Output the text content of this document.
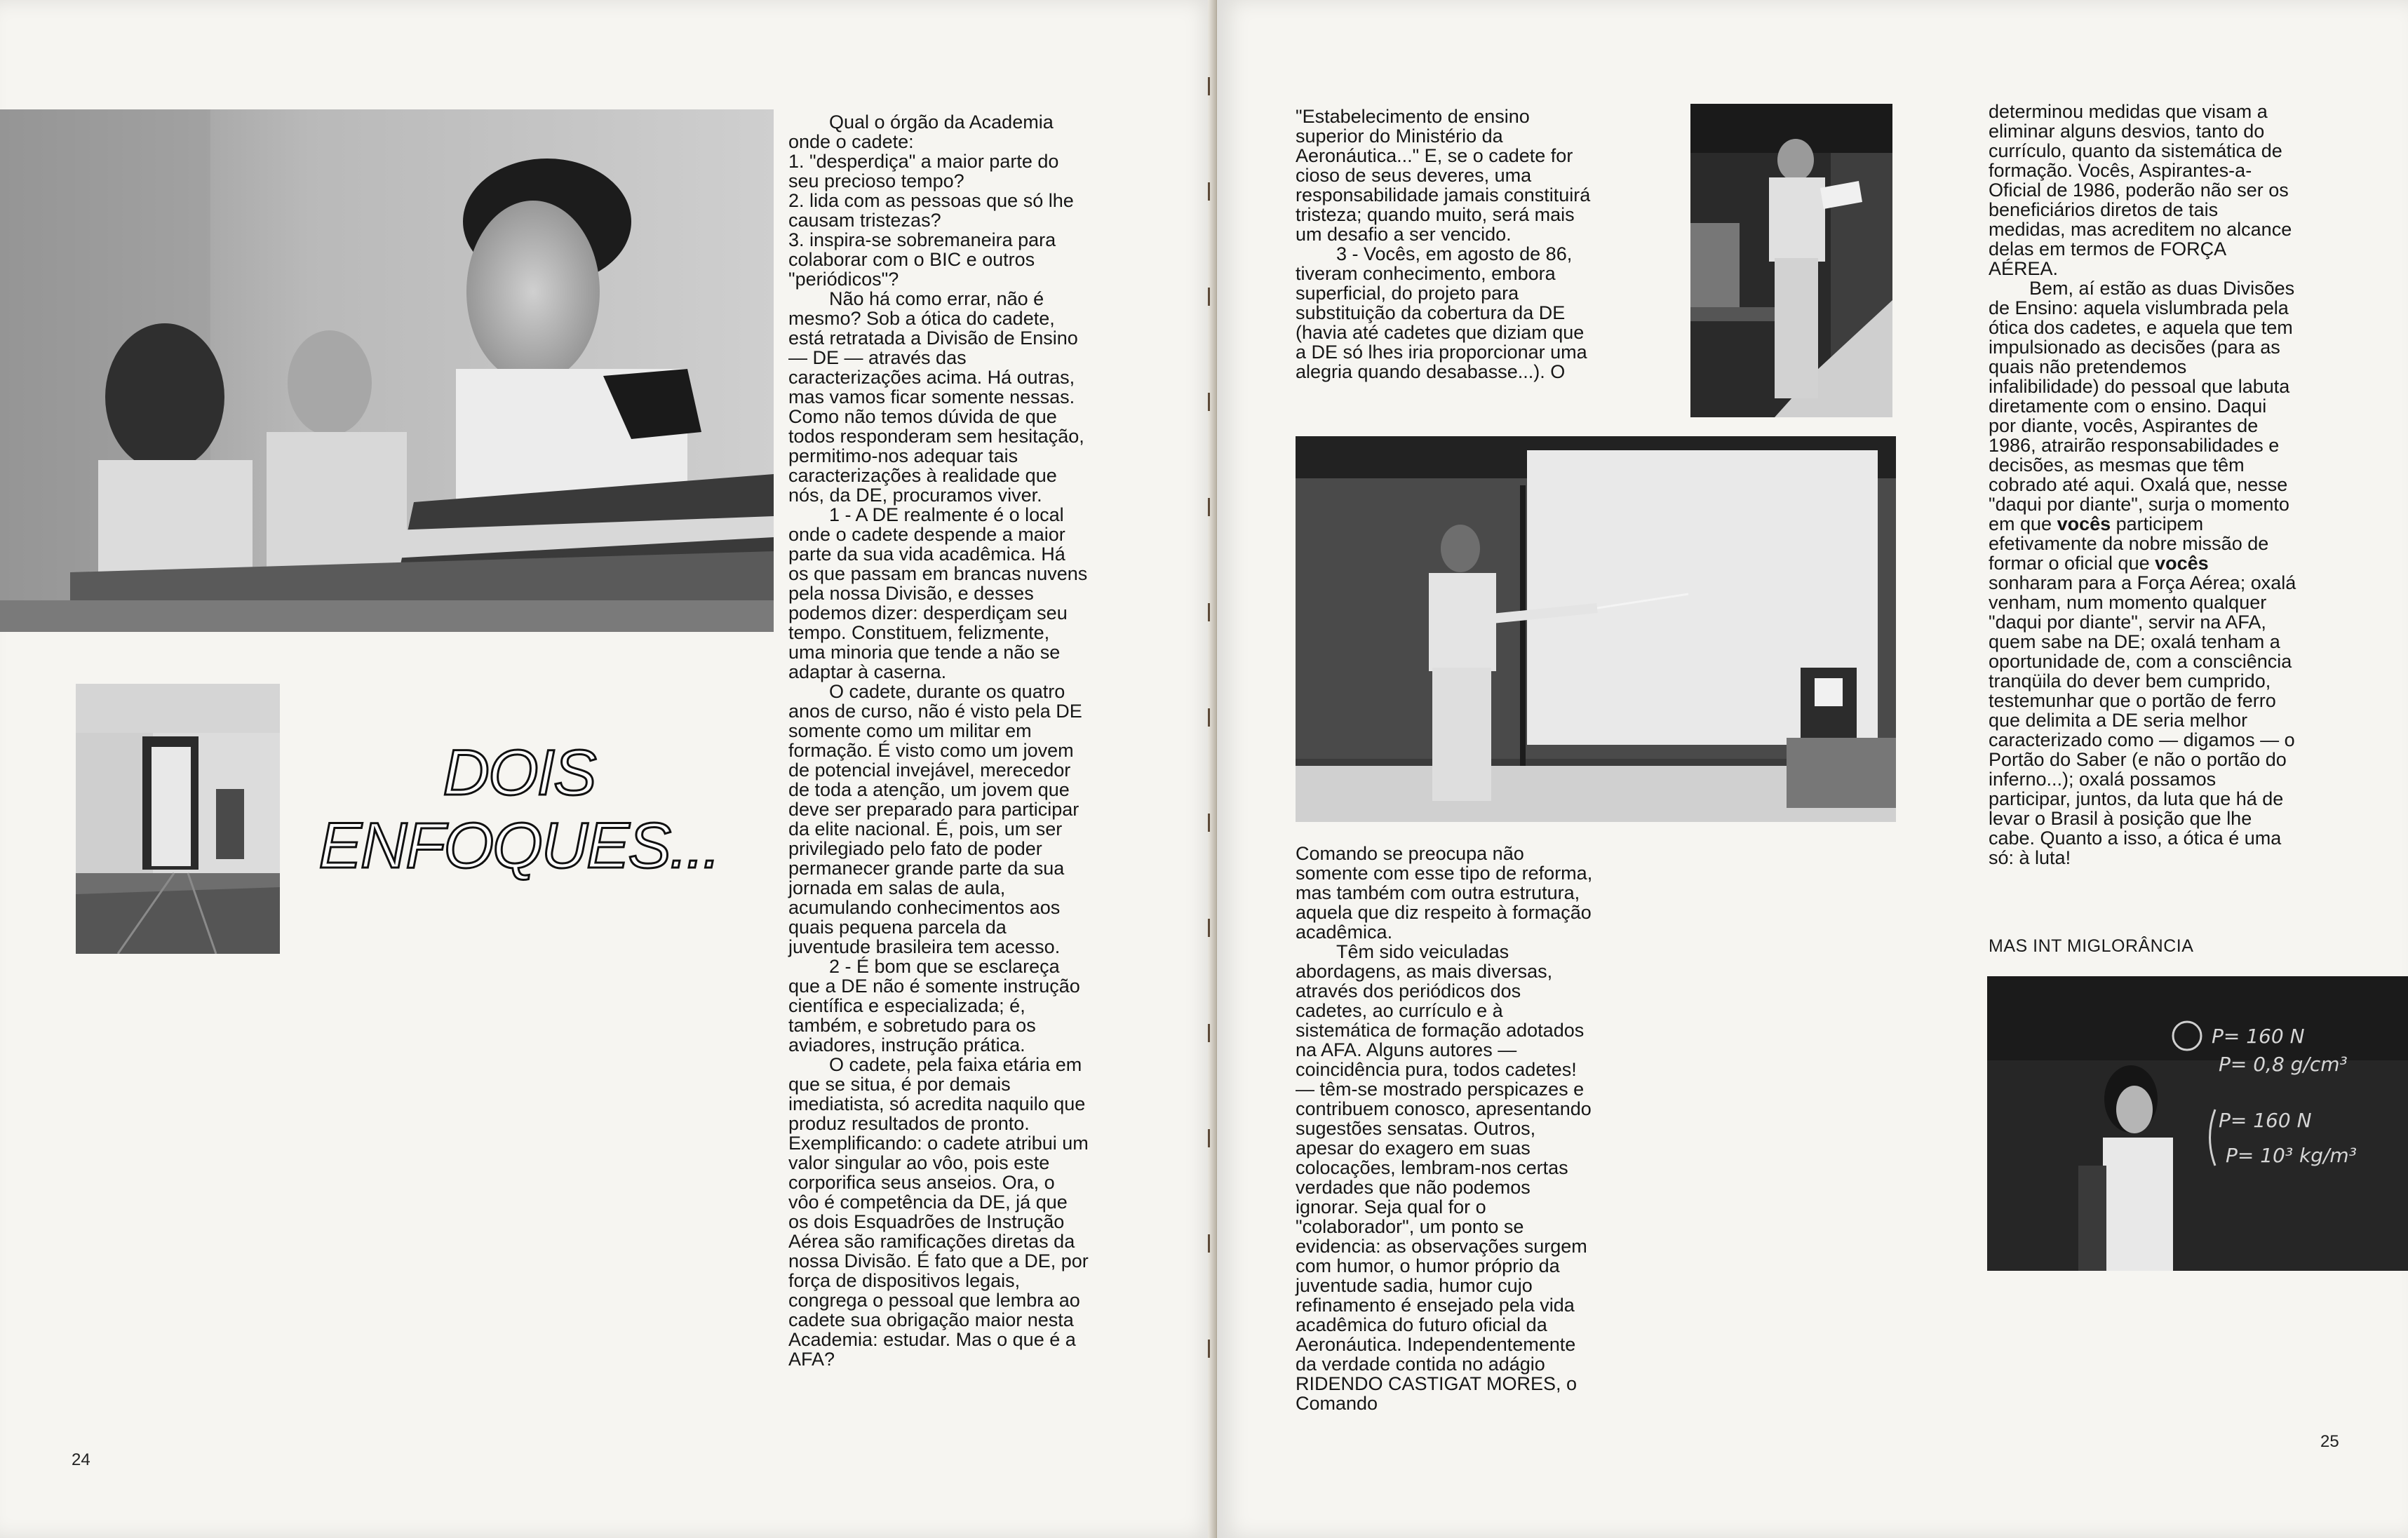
DOIS
ENFOQUES...

Qual o órgão da Academia onde o cadete:

1. "desperdiça" a maior parte do seu precioso tempo?

2. lida com as pessoas que só lhe causam tristezas?

3. inspira-se sobremaneira para colaborar com o BIC e outros "periódicos"?

Não há como errar, não é mesmo? Sob a ótica do cadete, está retratada a Divisão de Ensino — DE — através das caracterizações acima. Há outras, mas vamos ficar somente nessas. Como não temos dúvida de que todos responderam sem hesitação, permitimo-nos adequar tais caracterizações à realidade que nós, da DE, procuramos viver.

1 - A DE realmente é o local onde o cadete despende a maior parte da sua vida acadêmica. Há os que passam em brancas nuvens pela nossa Divisão, e desses podemos dizer: desperdiçam seu tempo. Constituem, felizmente, uma minoria que tende a não se adaptar à caserna.

O cadete, durante os quatro anos de curso, não é visto pela DE somente como um militar em formação. É visto como um jovem de potencial invejável, merecedor de toda a atenção, um jovem que deve ser preparado para participar da elite nacional. É, pois, um ser privilegiado pelo fato de poder permanecer grande parte da sua jornada em salas de aula, acumulando conhecimentos aos quais pequena parcela da juventude brasileira tem acesso.

2 - É bom que se esclareça que a DE não é somente instrução científica e especializada; é, também, e sobretudo para os aviadores, instrução prática.

O cadete, pela faixa etária em que se situa, é por demais imediatista, só acredita naquilo que produz resultados de pronto. Exemplificando: o cadete atribui um valor singular ao vôo, pois este corporifica seus anseios. Ora, o vôo é competência da DE, já que os dois Esquadrões de Instrução Aérea são ramificações diretas da nossa Divisão. É fato que a DE, por força de dispositivos legais, congrega o pessoal que lembra ao cadete sua obrigação maior nesta Academia: estudar. Mas o que é a AFA?

24

"Estabelecimento de ensino superior do Ministério da Aeronáutica..." E, se o cadete for cioso de seus deveres, uma responsabilidade jamais constituirá tristeza; quando muito, será mais um desafio a ser vencido.

3 - Vocês, em agosto de 86, tiveram conhecimento, embora superficial, do projeto para substituição da cobertura da DE (havia até cadetes que diziam que a DE só lhes iria proporcionar uma alegria quando desabasse...). O

Comando se preocupa não somente com esse tipo de reforma, mas também com outra estrutura, aquela que diz respeito à formação acadêmica.

Têm sido veiculadas abordagens, as mais diversas, através dos periódicos dos cadetes, ao currículo e à sistemática de formação adotados na AFA. Alguns autores — coincidência pura, todos cadetes! — têm-se mostrado perspicazes e contribuem conosco, apresentando sugestões sensatas. Outros, apesar do exagero em suas colocações, lembram-nos certas verdades que não podemos ignorar. Seja qual for o "colaborador", um ponto se evidencia: as observações surgem com humor, o humor próprio da juventude sadia, humor cujo refinamento é ensejado pela vida acadêmica do futuro oficial da Aeronáutica. Independentemente da verdade contida no adágio RIDENDO CASTIGAT MORES, o Comando

determinou medidas que visam a eliminar alguns desvios, tanto do currículo, quanto da sistemática de formação. Vocês, Aspirantes-a-Oficial de 1986, poderão não ser os beneficiários diretos de tais medidas, mas acreditem no alcance delas em termos de FORÇA AÉREA.

Bem, aí estão as duas Divisões de Ensino: aquela vislumbrada pela ótica dos cadetes, e aquela que tem impulsionado as decisões (para as quais não pretendemos infalibilidade) do pessoal que labuta diretamente com o ensino. Daqui por diante, vocês, Aspirantes de 1986, atrairão responsabilidades e decisões, as mesmas que têm cobrado até aqui. Oxalá que, nesse "daqui por diante", surja o momento em que vocês participem efetivamente da nobre missão de formar o oficial que vocês sonharam para a Força Aérea; oxalá venham, num momento qualquer "daqui por diante", servir na AFA, quem sabe na DE; oxalá tenham a oportunidade de, com a consciência tranqüila do dever bem cumprido, testemunhar que o portão de ferro que delimita a DE seria melhor caracterizado como — digamos — o Portão do Saber (e não o portão do inferno...); oxalá possamos participar, juntos, da luta que há de levar o Brasil à posição que lhe cabe. Quanto a isso, a ótica é uma só: à luta!

MAS INT MIGLORÂNCIA
P= 160 N
P= 0,8 g/cm³
P= 160 N
P= 10³ kg/m³
25
